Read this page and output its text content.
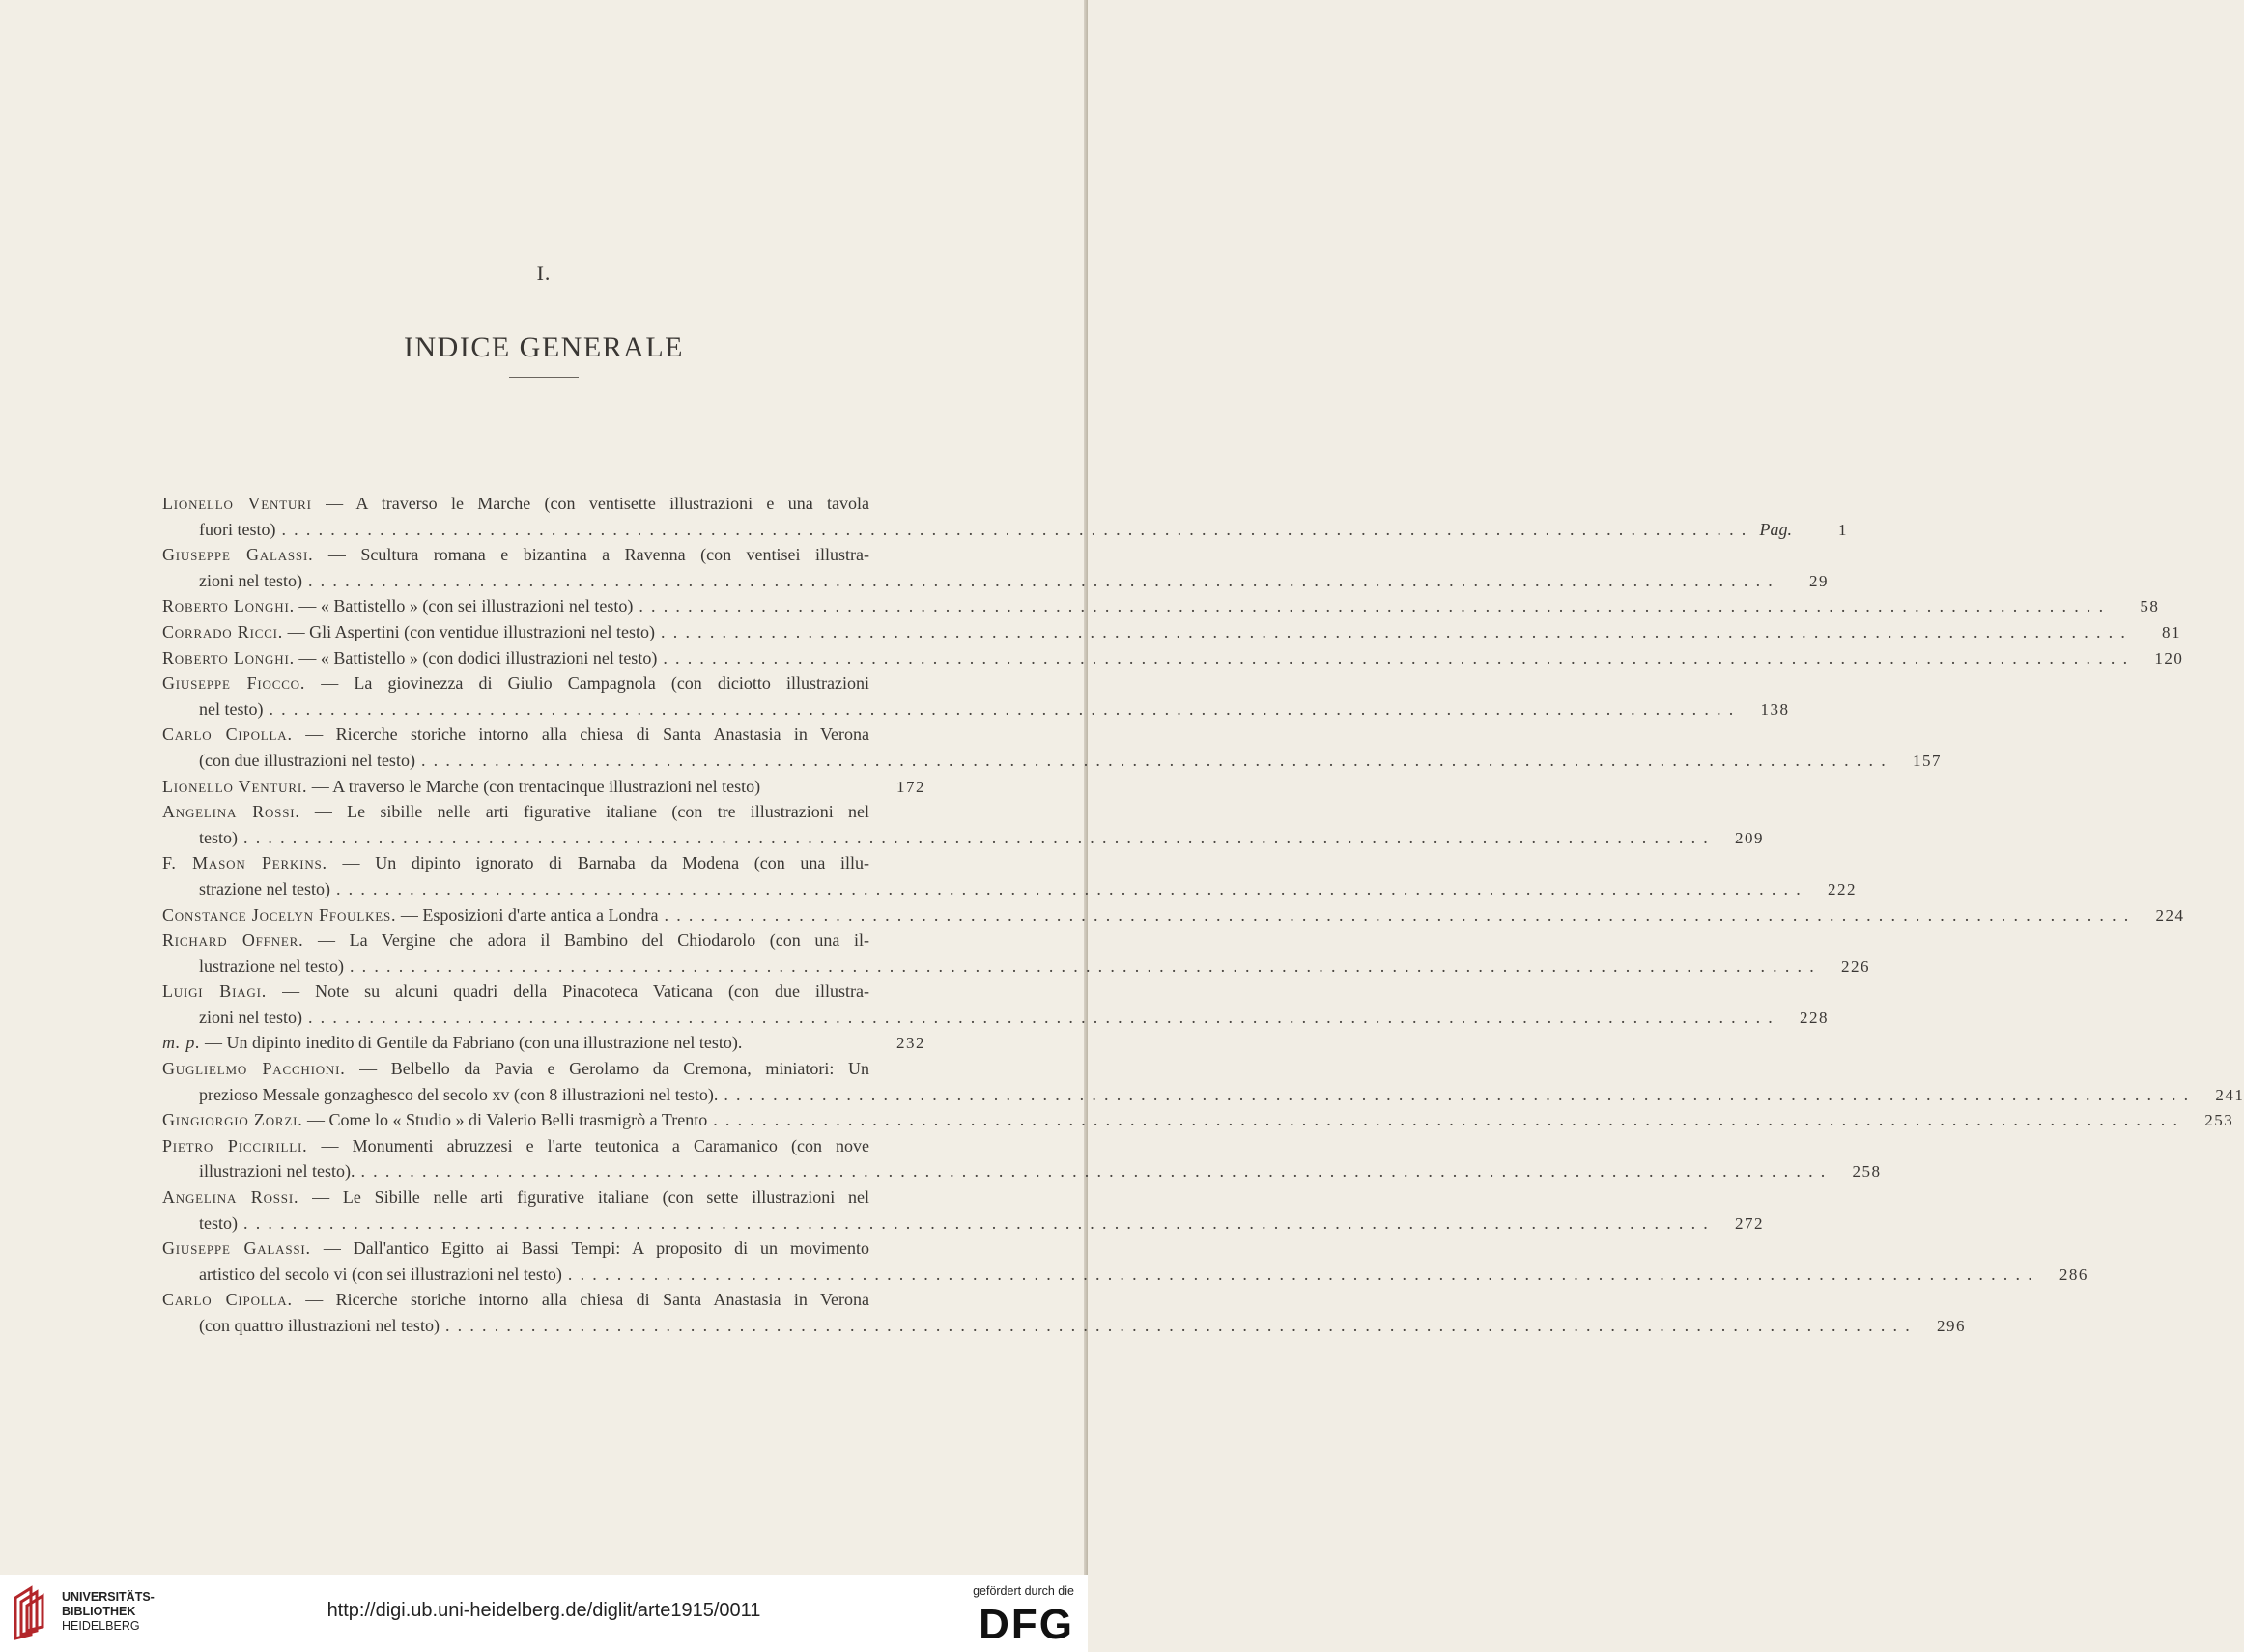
I.
INDICE GENERALE
Lionello Venturi — A traverso le Marche (con ventisette illustrazioni e una tavola
fuori testo) ........................................................................................................................ Pag.	1
Giuseppe Galassi. — Scultura romana e bizantina a Ravenna (con ventisei illustra-
zioni nel testo) ........................................................................................................................	29
Roberto Longhi. — « Battistello » (con sei illustrazioni nel testo) ........................................................................................................................	58
Corrado Ricci. — Gli Aspertini (con ventidue illustrazioni nel testo) ........................................................................................................................	81
Roberto Longhi. — « Battistello » (con dodici illustrazioni nel testo) ........................................................................................................................	120
Giuseppe Fiocco. — La giovinezza di Giulio Campagnola (con diciotto illustrazioni
nel testo) ........................................................................................................................	138
Carlo Cipolla. — Ricerche storiche intorno alla chiesa di Santa Anastasia in Verona
(con due illustrazioni nel testo) ........................................................................................................................	157
Lionello Venturi. — A traverso le Marche (con trentacinque illustrazioni nel testo)	172
Angelina Rossi. — Le sibille nelle arti figurative italiane (con tre illustrazioni nel
testo) ........................................................................................................................	209
F. Mason Perkins. — Un dipinto ignorato di Barnaba da Modena (con una illu-
strazione nel testo) ........................................................................................................................	222
Constance Jocelyn Ffoulkes. — Esposizioni d'arte antica a Londra ........................................................................................................................	224
Richard Offner. — La Vergine che adora il Bambino del Chiodarolo (con una il-
lustrazione nel testo) ........................................................................................................................	226
Luigi Biagi. — Note su alcuni quadri della Pinacoteca Vaticana (con due illustra-
zioni nel testo) ........................................................................................................................	228
m. p. — Un dipinto inedito di Gentile da Fabriano (con una illustrazione nel testo).	232
Guglielmo Pacchioni. — Belbello da Pavia e Gerolamo da Cremona, miniatori: Un
prezioso Messale gonzaghesco del secolo xv (con 8 illustrazioni nel testo). ........................................................................................................................	241
Gingiorgio Zorzi. — Come lo « Studio » di Valerio Belli trasmigrò a Trento ........................................................................................................................	253
Pietro Piccirilli. — Monumenti abruzzesi e l'arte teutonica a Caramanico (con nove
illustrazioni nel testo). ........................................................................................................................	258
Angelina Rossi. — Le Sibille nelle arti figurative italiane (con sette illustrazioni nel
testo) ........................................................................................................................	272
Giuseppe Galassi. — Dall'antico Egitto ai Bassi Tempi: A proposito di un movimento
artistico del secolo vi (con sei illustrazioni nel testo) ........................................................................................................................	286
Carlo Cipolla. — Ricerche storiche intorno alla chiesa di Santa Anastasia in Verona
(con quattro illustrazioni nel testo) ........................................................................................................................	296
UNIVERSITÄTS-
BIBLIOTHEK
HEIDELBERG
http://digi.ub.uni-heidelberg.de/diglit/arte1915/0011
gefördert durch die
DFG
